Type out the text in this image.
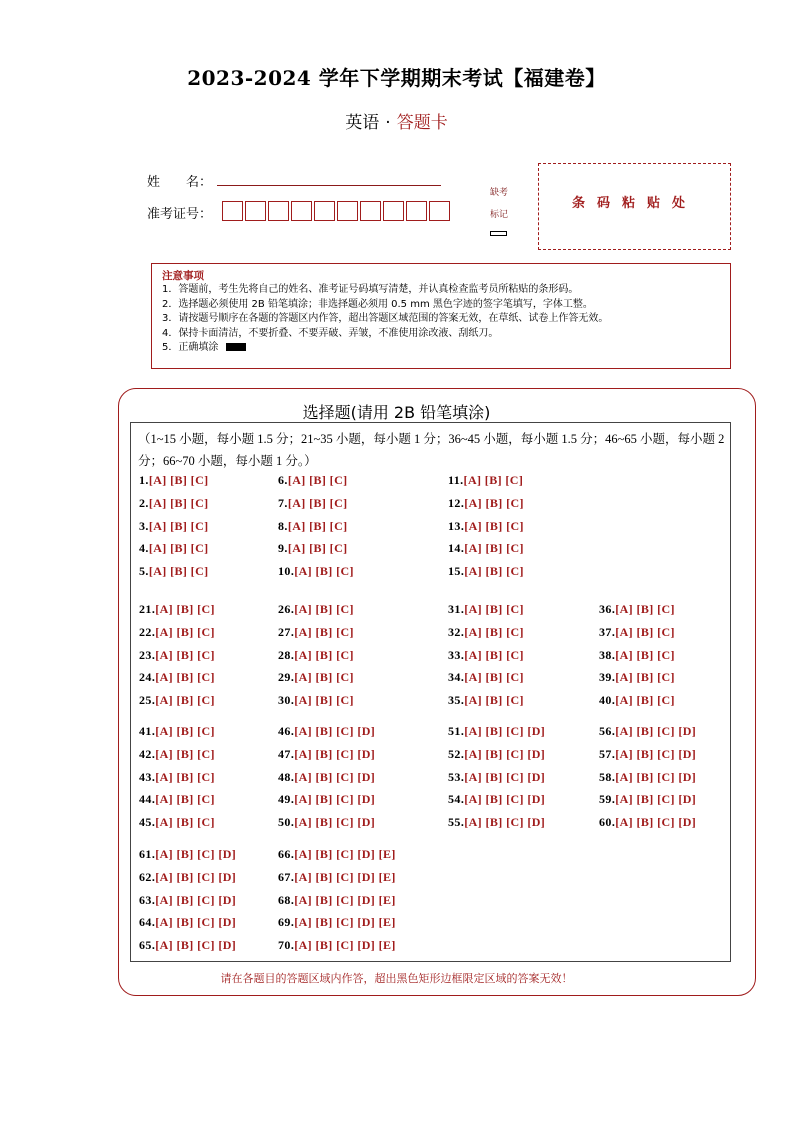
2023-2024 学年下学期期末考试【福建卷】
英语 · 答题卡
姓　　名：
准考证号：
缺考
标记
条码粘贴处
注意事项
1．答题前，考生先将自己的姓名、准考证号码填写清楚，并认真检查监考员所粘贴的条形码。
2．选择题必须使用 2B 铅笔填涂；非选择题必须用 0.5 mm 黑色字迹的签字笔填写，字体工整。
3．请按题号顺序在各题的答题区内作答，超出答题区域范围的答案无效，在草纸、试卷上作答无效。
4．保持卡面清洁，不要折叠、不要弄破、弄皱，不准使用涂改液、刮纸刀。
5．正确填涂
选择题(请用 2B 铅笔填涂)
（1~15 小题，每小题 1.5 分；21~35 小题，每小题 1 分；36~45 小题，每小题 1.5 分；46~65 小题，每小题 2 分；66~70 小题，每小题 1 分。）
1.[A] [B] [C]
2.[A] [B] [C]
3.[A] [B] [C]
4.[A] [B] [C]
5.[A] [B] [C]
6.[A] [B] [C]
7.[A] [B] [C]
8.[A] [B] [C]
9.[A] [B] [C]
10.[A] [B] [C]
11.[A] [B] [C]
12.[A] [B] [C]
13.[A] [B] [C]
14.[A] [B] [C]
15.[A] [B] [C]
21.[A] [B] [C]
22.[A] [B] [C]
23.[A] [B] [C]
24.[A] [B] [C]
25.[A] [B] [C]
26.[A] [B] [C]
27.[A] [B] [C]
28.[A] [B] [C]
29.[A] [B] [C]
30.[A] [B] [C]
31.[A] [B] [C]
32.[A] [B] [C]
33.[A] [B] [C]
34.[A] [B] [C]
35.[A] [B] [C]
36.[A] [B] [C]
37.[A] [B] [C]
38.[A] [B] [C]
39.[A] [B] [C]
40.[A] [B] [C]
41.[A] [B] [C]
42.[A] [B] [C]
43.[A] [B] [C]
44.[A] [B] [C]
45.[A] [B] [C]
46.[A] [B] [C] [D]
47.[A] [B] [C] [D]
48.[A] [B] [C] [D]
49.[A] [B] [C] [D]
50.[A] [B] [C] [D]
51.[A] [B] [C] [D]
52.[A] [B] [C] [D]
53.[A] [B] [C] [D]
54.[A] [B] [C] [D]
55.[A] [B] [C] [D]
56.[A] [B] [C] [D]
57.[A] [B] [C] [D]
58.[A] [B] [C] [D]
59.[A] [B] [C] [D]
60.[A] [B] [C] [D]
61.[A] [B] [C] [D]
62.[A] [B] [C] [D]
63.[A] [B] [C] [D]
64.[A] [B] [C] [D]
65.[A] [B] [C] [D]
66.[A] [B] [C] [D] [E]
67.[A] [B] [C] [D] [E]
68.[A] [B] [C] [D] [E]
69.[A] [B] [C] [D] [E]
70.[A] [B] [C] [D] [E]
请在各题目的答题区域内作答，超出黑色矩形边框限定区域的答案无效！
